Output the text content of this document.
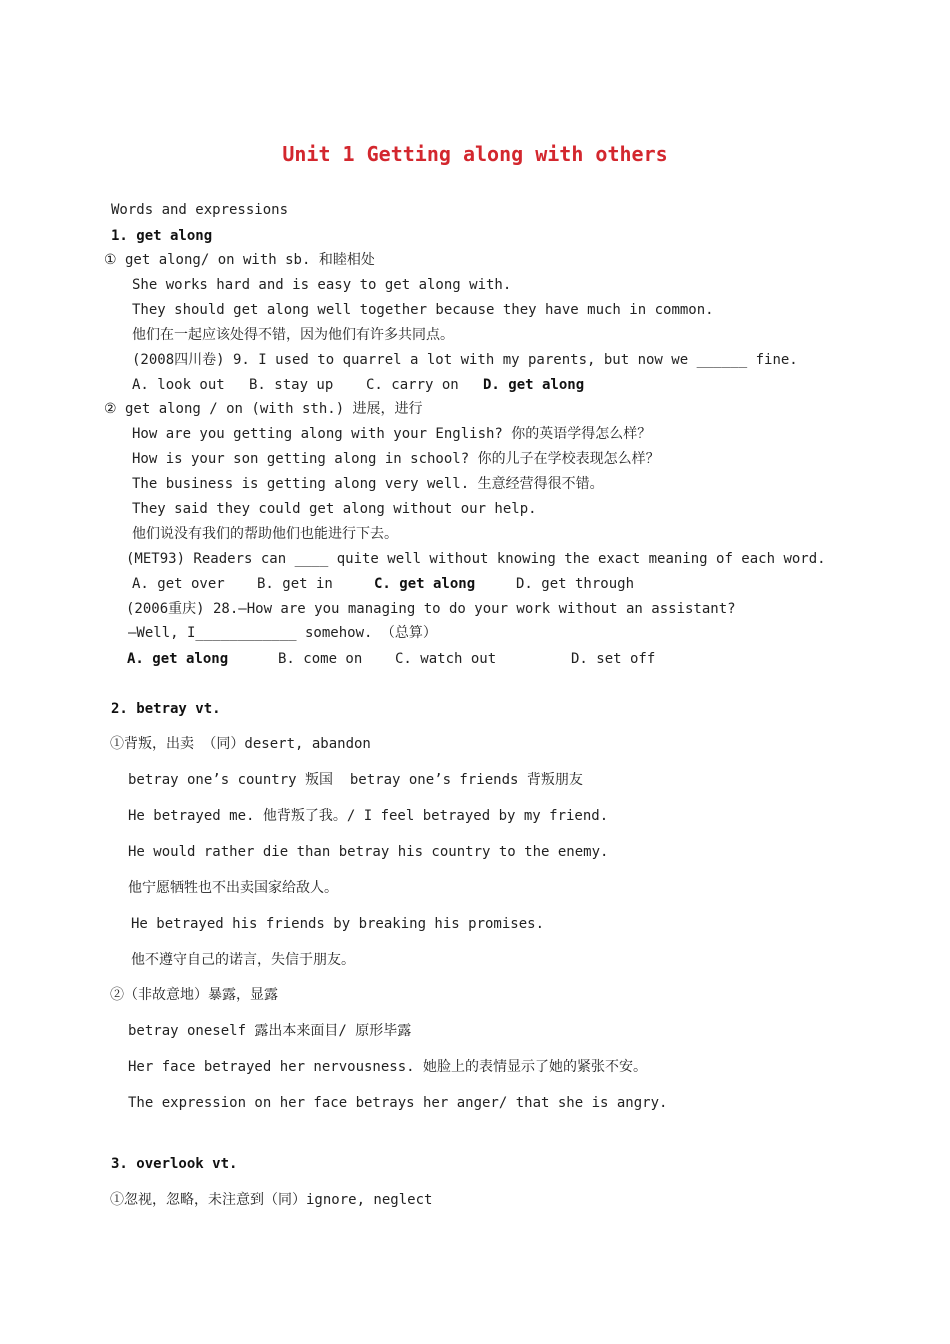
Unit 1 Getting along with others
Words and expressions
1. get along
① get along/ on with sb. 和睦相处
She works hard and is easy to get along with.
They should get along well together because they have much in common.
他们在一起应该处得不错，因为他们有许多共同点。
(2008四川卷) 9. I used to quarrel a lot with my parents, but now we ______ fine.
A. look out B. stay up C. carry on D. get along
② get along / on (with sth.) 进展，进行
How are you getting along with your English? 你的英语学得怎么样？
How is your son getting along in school? 你的儿子在学校表现怎么样？
The business is getting along very well. 生意经营得很不错。
They said they could get along without our help.
他们说没有我们的帮助他们也能进行下去。
(MET93) Readers can ____ quite well without knowing the exact meaning of each word.
A. get over B. get in	C. get along	D. get through
(2006重庆) 28.—How are you managing to do your work without an assistant?
—Well, I____________ somehow. （总算）
A. get along	B. come on C. watch out	D. set off
2. betray vt.
①背叛，出卖 （同）desert, abandon
betray one’s country 叛国  betray one’s friends 背叛朋友
He betrayed me. 他背叛了我。/ I feel betrayed by my friend.
He would rather die than betray his country to the enemy.
他宁愿牺牲也不出卖国家给敌人。
He betrayed his friends by breaking his promises.
他不遵守自己的诺言，失信于朋友。
②（非故意地）暴露，显露
betray oneself 露出本来面目/ 原形毕露
Her face betrayed her nervousness. 她脸上的表情显示了她的紧张不安。
The expression on her face betrays her anger/ that she is angry.
3. overlook vt.
①忽视，忽略，未注意到（同）ignore, neglect
